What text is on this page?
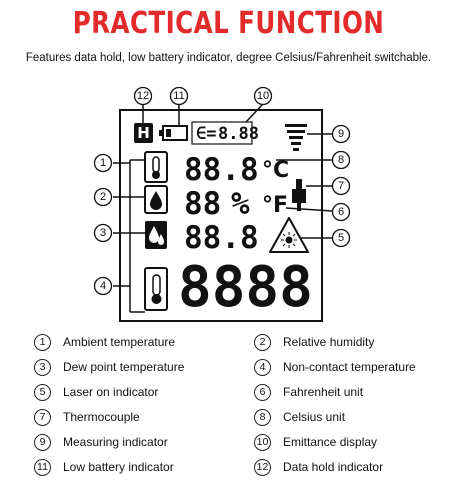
PRACTICAL FUNCTION
Features data hold, low battery indicator, degree Celsius/Fahrenheit switchable.
H	∈= 8.88
88.8
88 %
88.8
8888
°C
°F
12 11	10
9
8
7
6
5
1
2
3
4
1	Ambient temperature	2	Relative humidity
3	Dew point temperature	4	Non-contact temperature
5	Laser on indicator	6	Fahrenheit unit
7	Thermocouple	8	Celsius unit
9	Measuring indicator	10 Emittance display
11 Low battery indicator	12 Data hold indicator
